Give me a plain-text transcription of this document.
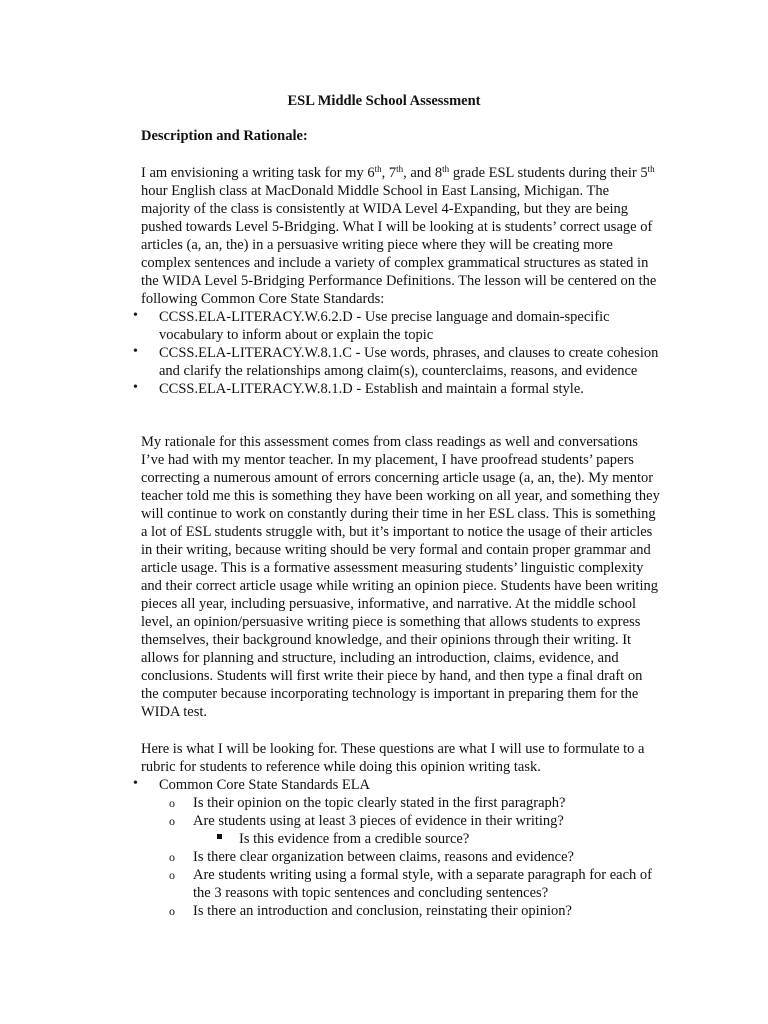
ESL Middle School Assessment
Description and Rationale:

I am envisioning a writing task for my 6th, 7th, and 8th grade ESL students during their 5th hour English class at MacDonald Middle School in East Lansing, Michigan. The majority of the class is consistently at WIDA Level 4-Expanding, but they are being pushed towards Level 5-Bridging. What I will be looking at is students’ correct usage of articles (a, an, the) in a persuasive writing piece where they will be creating more complex sentences and include a variety of complex grammatical structures as stated in the WIDA Level 5-Bridging Performance Definitions. The lesson will be centered on the following Common Core State Standards:

• CCSS.ELA-LITERACY.W.6.2.D - Use precise language and domain-specific vocabulary to inform about or explain the topic
• CCSS.ELA-LITERACY.W.8.1.C - Use words, phrases, and clauses to create cohesion and clarify the relationships among claim(s), counterclaims, reasons, and evidence
• CCSS.ELA-LITERACY.W.8.1.D - Establish and maintain a formal style.

My rationale for this assessment comes from class readings as well and conversations I’ve had with my mentor teacher. In my placement, I have proofread students’ papers correcting a numerous amount of errors concerning article usage (a, an, the). My mentor teacher told me this is something they have been working on all year, and something they will continue to work on constantly during their time in her ESL class. This is something a lot of ESL students struggle with, but it’s important to notice the usage of their articles in their writing, because writing should be very formal and contain proper grammar and article usage. This is a formative assessment measuring students’ linguistic complexity and their correct article usage while writing an opinion piece. Students have been writing pieces all year, including persuasive, informative, and narrative. At the middle school level, an opinion/persuasive writing piece is something that allows students to express themselves, their background knowledge, and their opinions through their writing. It allows for planning and structure, including an introduction, claims, evidence, and conclusions. Students will first write their piece by hand, and then type a final draft on the computer because incorporating technology is important in preparing them for the WIDA test.

Here is what I will be looking for. These questions are what I will use to formulate to a rubric for students to reference while doing this opinion writing task.

• Common Core State Standards ELA
o Is their opinion on the topic clearly stated in the first paragraph?
o Are students using at least 3 pieces of evidence in their writing?
Is this evidence from a credible source?
o Is there clear organization between claims, reasons and evidence?
o Are students writing using a formal style, with a separate paragraph for each of the 3 reasons with topic sentences and concluding sentences?
o Is there an introduction and conclusion, reinstating their opinion?
